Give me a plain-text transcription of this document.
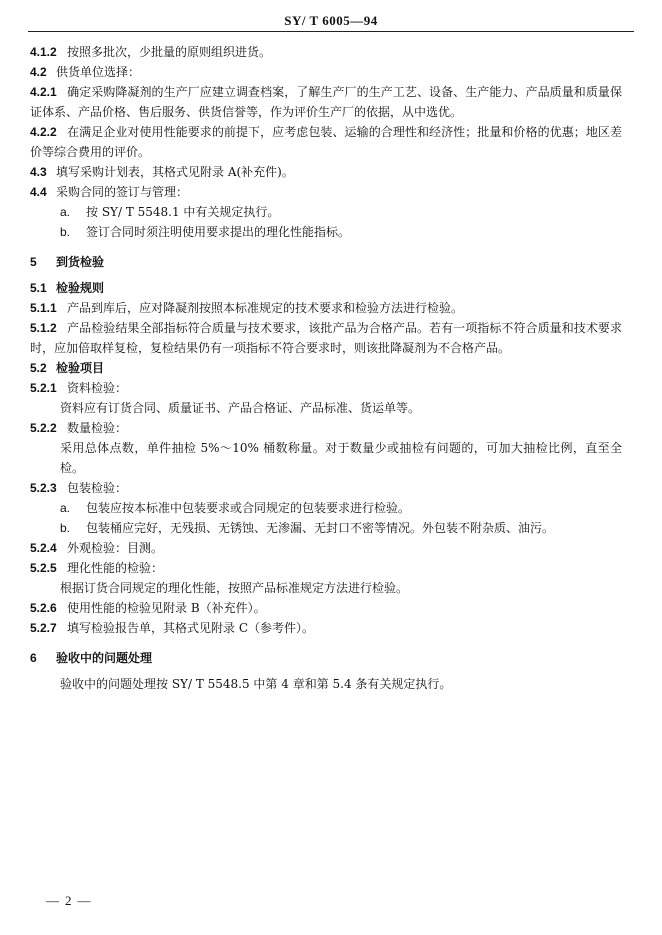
SY/ T 6005—94
4.1.2 按照多批次，少批量的原则组织进货。
4.2 供货单位选择：
4.2.1 确定采购降凝剂的生产厂应建立调查档案，了解生产厂的生产工艺、设备、生产能力、产品质量和质量保证体系、产品价格、售后服务、供货信誉等，作为评价生产厂的依据，从中选优。
4.2.2 在满足企业对使用性能要求的前提下，应考虑包装、运输的合理性和经济性；批量和价格的优惠；地区差价等综合费用的评价。
4.3 填写采购计划表，其格式见附录 A(补充件)。
4.4 采购合同的签订与管理：
a. 按 SY/ T 5548.1 中有关规定执行。
b. 签订合同时须注明使用要求提出的理化性能指标。
5 到货检验
5.1 检验规则
5.1.1 产品到库后，应对降凝剂按照本标准规定的技术要求和检验方法进行检验。
5.1.2 产品检验结果全部指标符合质量与技术要求，该批产品为合格产品。若有一项指标不符合质量和技术要求时，应加倍取样复检，复检结果仍有一项指标不符合要求时，则该批降凝剂为不合格产品。
5.2 检验项目
5.2.1 资料检验：
资料应有订货合同、质量证书、产品合格证、产品标准、货运单等。
5.2.2 数量检验：
采用总体点数，单件抽检 5%～10% 桶数称量。对于数量少或抽检有问题的，可加大抽检比例，直至全检。
5.2.3 包装检验：
a. 包装应按本标准中包装要求或合同规定的包装要求进行检验。
b. 包装桶应完好，无残损、无锈蚀、无渗漏、无封口不密等情况。外包装不附杂质、油污。
5.2.4 外观检验：目测。
5.2.5 理化性能的检验：
根据订货合同规定的理化性能，按照产品标准规定方法进行检验。
5.2.6 使用性能的检验见附录 B（补充件）。
5.2.7 填写检验报告单，其格式见附录 C（参考件）。
6 验收中的问题处理
验收中的问题处理按 SY/ T 5548.5 中第 4 章和第 5.4 条有关规定执行。
— 2 —
